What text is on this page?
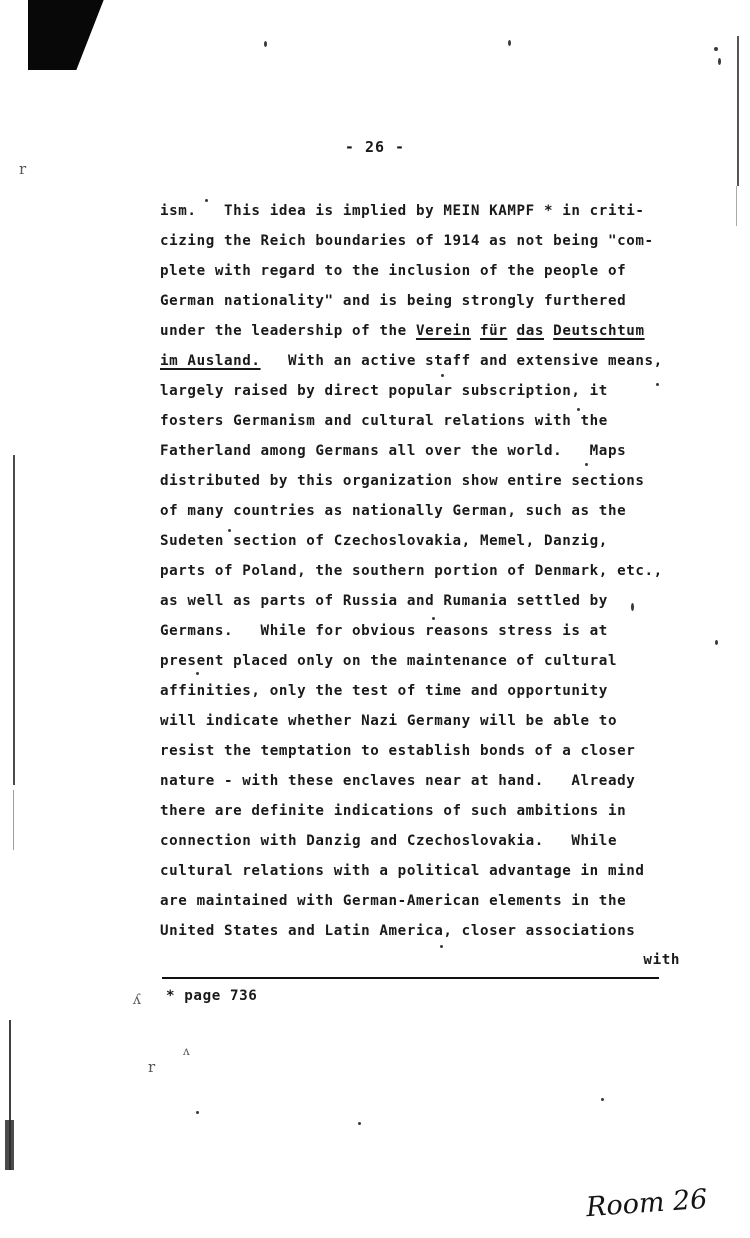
r
ʎ
r
ʌ
- 26 -
ism.   This idea is implied by MEIN KAMPF * in criti-
cizing the Reich boundaries of 1914 as not being "com-
plete with regard to the inclusion of the people of
German nationality" and is being strongly furthered
under the leadership of the Verein für das Deutschtum
im Ausland.   With an active staff and extensive means,
largely raised by direct popular subscription, it
fosters Germanism and cultural relations with the
Fatherland among Germans all over the world.   Maps
distributed by this organization show entire sections
of many countries as nationally German, such as the
Sudeten section of Czechoslovakia, Memel, Danzig,
parts of Poland, the southern portion of Denmark, etc.,
as well as parts of Russia and Rumania settled by
Germans.   While for obvious reasons stress is at
present placed only on the maintenance of cultural
affinities, only the test of time and opportunity
will indicate whether Nazi Germany will be able to
resist the temptation to establish bonds of a closer
nature - with these enclaves near at hand.   Already
there are definite indications of such ambitions in
connection with Danzig and Czechoslovakia.   While
cultural relations with a political advantage in mind
are maintained with German-American elements in the
United States and Latin America, closer associations
with
* page 736
Room 26
